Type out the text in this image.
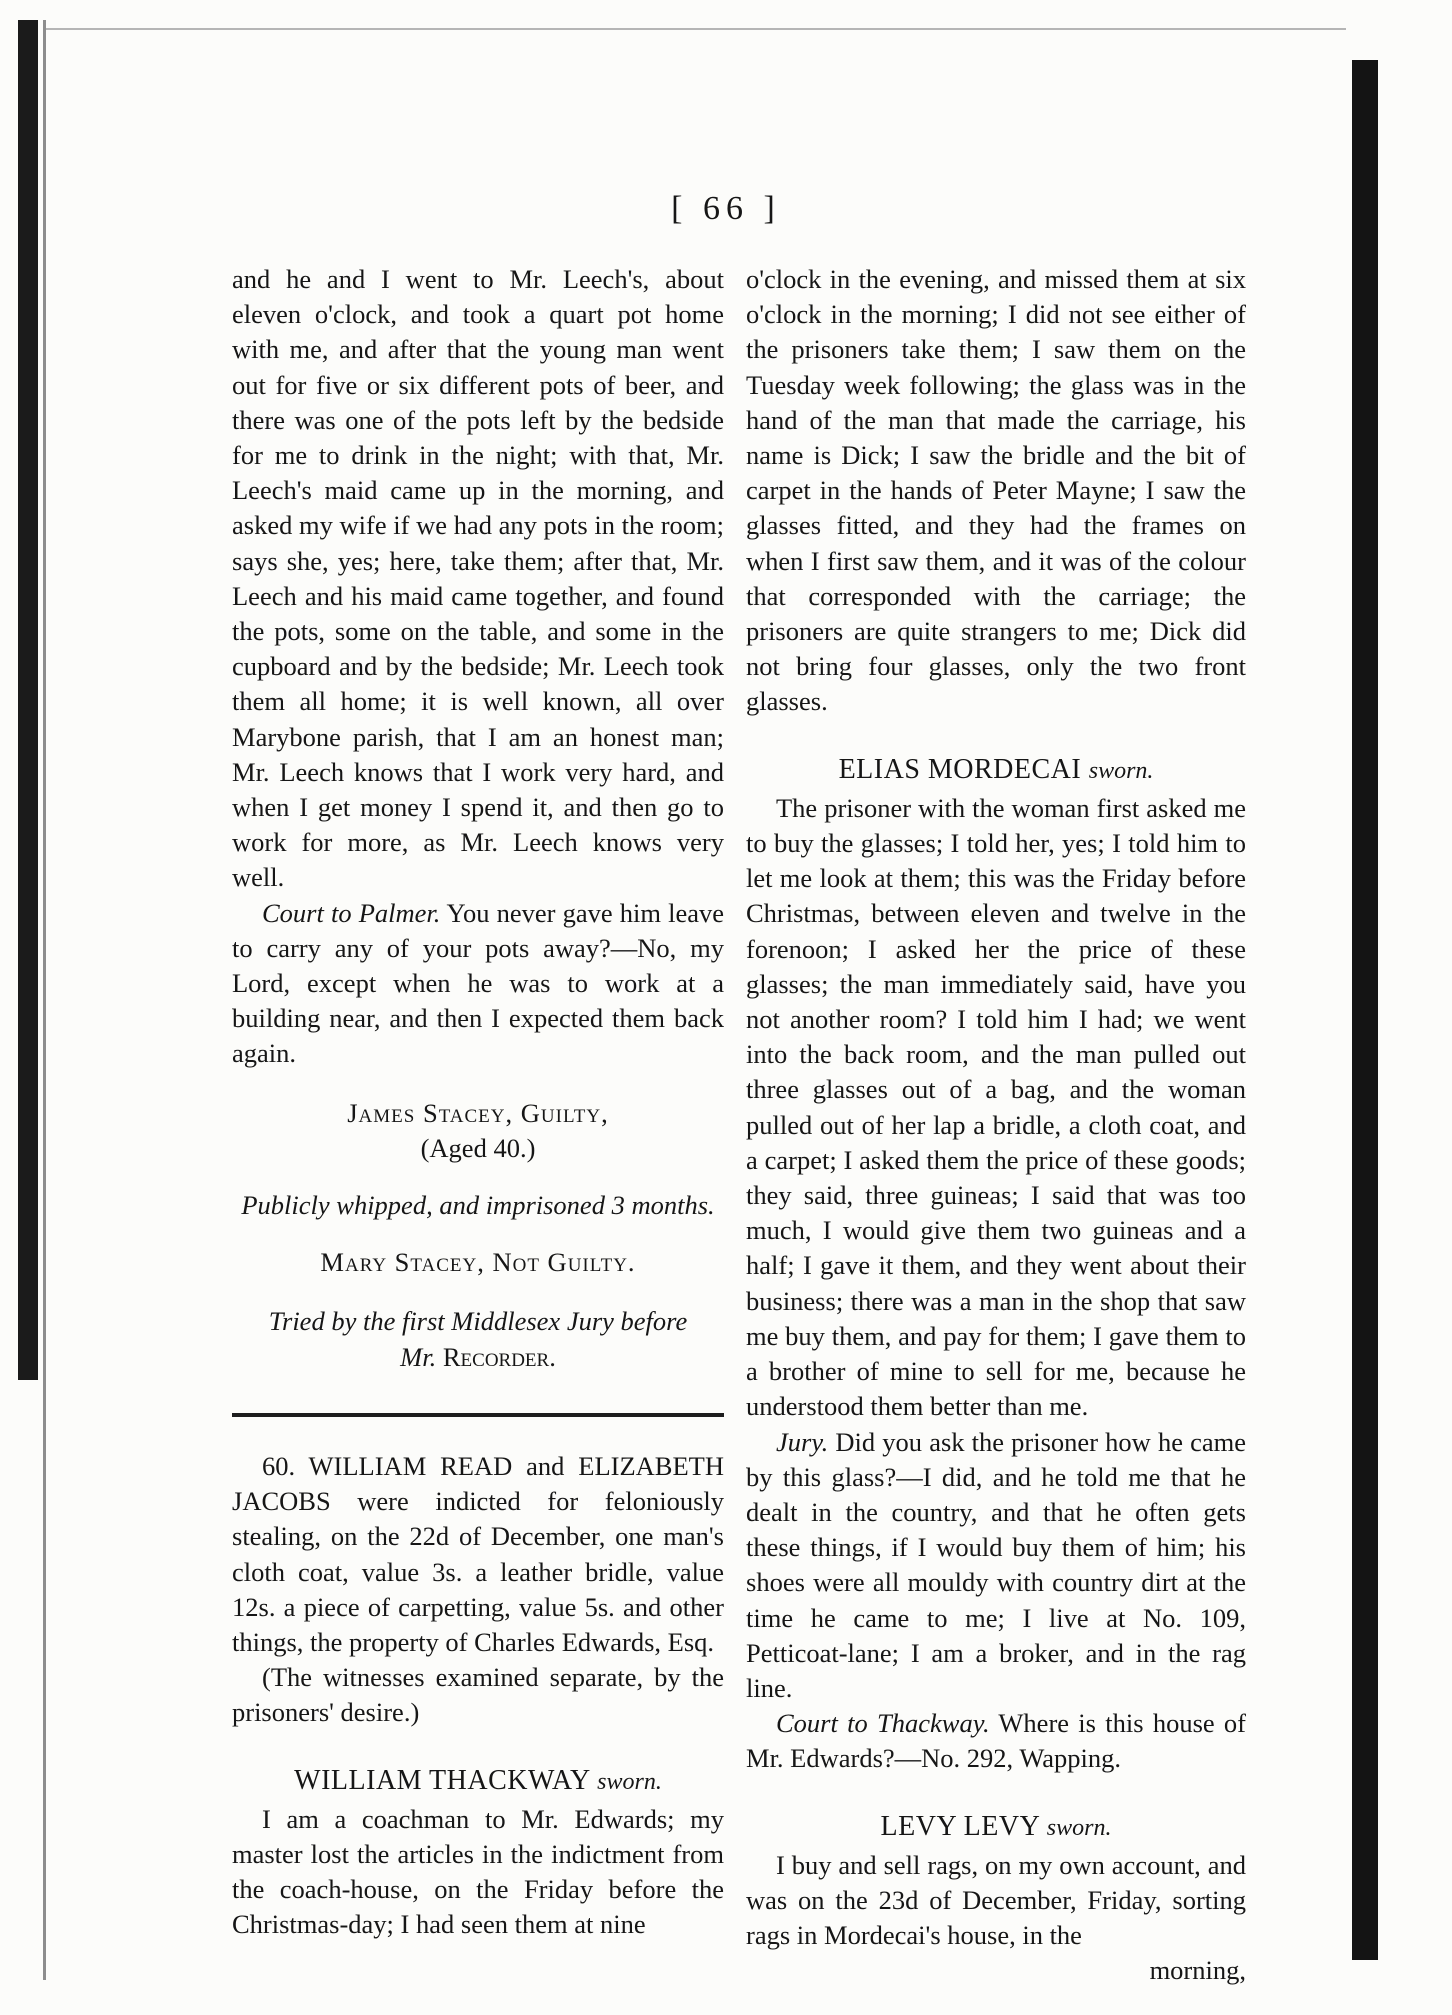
[ 66 ]

and he and I went to Mr. Leech's, about eleven o'clock, and took a quart pot home with me, and after that the young man went out for five or six different pots of beer, and there was one of the pots left by the bedside for me to drink in the night; with that, Mr. Leech's maid came up in the morning, and asked my wife if we had any pots in the room; says she, yes; here, take them; after that, Mr. Leech and his maid came together, and found the pots, some on the table, and some in the cupboard and by the bedside; Mr. Leech took them all home; it is well known, all over Marybone parish, that I am an honest man; Mr. Leech knows that I work very hard, and when I get money I spend it, and then go to work for more, as Mr. Leech knows very well.

Court to Palmer. You never gave him leave to carry any of your pots away?—No, my Lord, except when he was to work at a building near, and then I expected them back again.

James Stacey, Guilty,

(Aged 40.)

Publicly whipped, and imprisoned 3 months.

Mary Stacey, Not Guilty.

Tried by the first Middlesex Jury before

Mr. Recorder.

60. WILLIAM READ and ELIZABETH JACOBS were indicted for feloniously stealing, on the 22d of December, one man's cloth coat, value 3s. a leather bridle, value 12s. a piece of carpetting, value 5s. and other things, the property of Charles Edwards, Esq.

(The witnesses examined separate, by the prisoners' desire.)

WILLIAM THACKWAY sworn.

I am a coachman to Mr. Edwards; my master lost the articles in the indictment from the coach-house, on the Friday before the Christmas-day; I had seen them at nine

o'clock in the evening, and missed them at six o'clock in the morning; I did not see either of the prisoners take them; I saw them on the Tuesday week following; the glass was in the hand of the man that made the carriage, his name is Dick; I saw the bridle and the bit of carpet in the hands of Peter Mayne; I saw the glasses fitted, and they had the frames on when I first saw them, and it was of the colour that corresponded with the carriage; the prisoners are quite strangers to me; Dick did not bring four glasses, only the two front glasses.

ELIAS MORDECAI sworn.

The prisoner with the woman first asked me to buy the glasses; I told her, yes; I told him to let me look at them; this was the Friday before Christmas, between eleven and twelve in the forenoon; I asked her the price of these glasses; the man immediately said, have you not another room? I told him I had; we went into the back room, and the man pulled out three glasses out of a bag, and the woman pulled out of her lap a bridle, a cloth coat, and a carpet; I asked them the price of these goods; they said, three guineas; I said that was too much, I would give them two guineas and a half; I gave it them, and they went about their business; there was a man in the shop that saw me buy them, and pay for them; I gave them to a brother of mine to sell for me, because he understood them better than me.

Jury. Did you ask the prisoner how he came by this glass?—I did, and he told me that he dealt in the country, and that he often gets these things, if I would buy them of him; his shoes were all mouldy with country dirt at the time he came to me; I live at No. 109, Petticoat-lane; I am a broker, and in the rag line.

Court to Thackway. Where is this house of Mr. Edwards?—No. 292, Wapping.

LEVY LEVY sworn.

I buy and sell rags, on my own account, and was on the 23d of December, Friday, sorting rags in Mordecai's house, in the

morning,
